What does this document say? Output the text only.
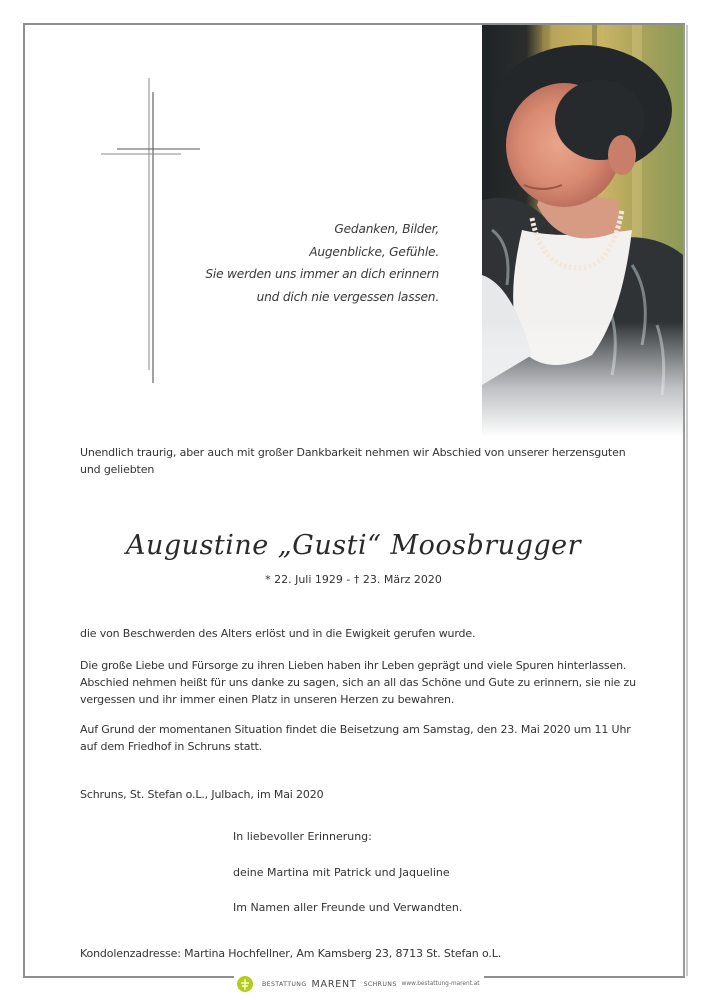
Gedanken, Bilder,
Augenblicke, Gefühle.
Sie werden uns immer an dich erinnern
und dich nie vergessen lassen.
Unendlich traurig, aber auch mit großer Dankbarkeit nehmen wir Abschied von unserer herzensguten
und geliebten
Augustine „Gusti“ Moosbrugger
* 22. Juli 1929 - † 23. März 2020
die von Beschwerden des Alters erlöst und in die Ewigkeit gerufen wurde.
Die große Liebe und Fürsorge zu ihren Lieben haben ihr Leben geprägt und viele Spuren hinterlassen.
Abschied nehmen heißt für uns danke zu sagen, sich an all das Schöne und Gute zu erinnern, sie nie zu
vergessen und ihr immer einen Platz in unseren Herzen zu bewahren.
Auf Grund der momentanen Situation findet die Beisetzung am Samstag, den 23. Mai 2020 um 11 Uhr
auf dem Friedhof in Schruns statt.
Schruns, St. Stefan o.L., Julbach, im Mai 2020
In liebevoller Erinnerung:
deine Martina mit Patrick und Jaqueline
Im Namen aller Freunde und Verwandten.
Kondolenzadresse: Martina Hochfellner, Am Kamsberg 23, 8713 St. Stefan o.L.
BESTATTUNG MARENT SCHRUNS www.bestattung-marent.at
